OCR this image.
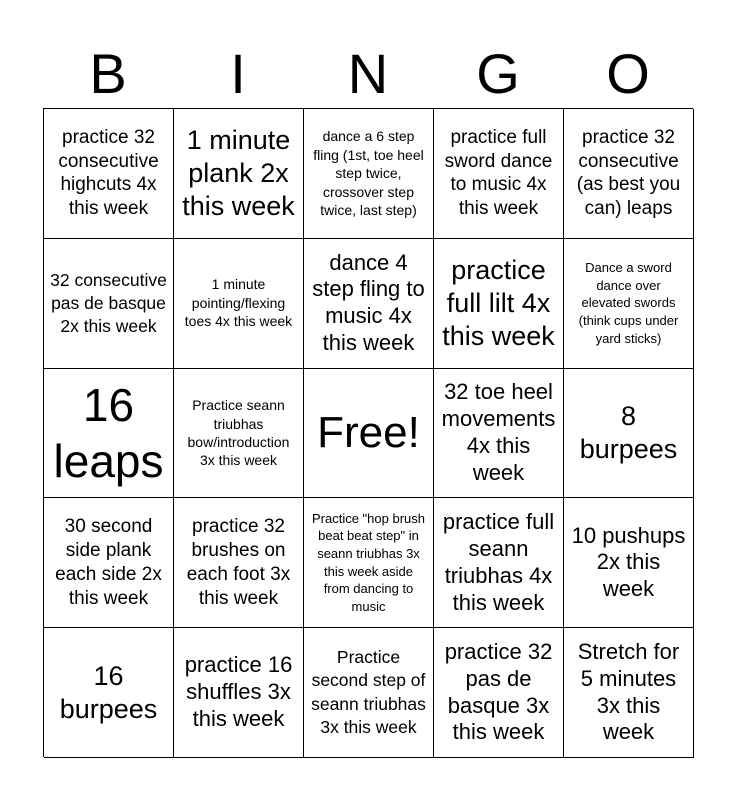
B	I	N	G	O
practice 32 consecutive highcuts 4x this week
1 minute plank 2x this week
dance a 6 step fling (1st, toe heel step twice, crossover step twice, last step)
practice full sword dance to music 4x this week
practice 32 consecutive (as best you can) leaps
32 consecutive pas de basque 2x this week
1 minute pointing/flexing toes 4x this week
dance 4 step fling to music 4x this week
practice full lilt 4x this week
Dance a sword dance over elevated swords (think cups under yard sticks)
16 leaps
Practice seann triubhas bow/introduction 3x this week
Free!
32 toe heel movements 4x this week
8 burpees
30 second side plank each side 2x this week
practice 32 brushes on each foot 3x this week
Practice "hop brush beat beat step" in seann triubhas 3x this week aside from dancing to music
practice full seann triubhas 4x this week
10 pushups 2x this week
16 burpees
practice 16 shuffles 3x this week
Practice second step of seann triubhas 3x this week
practice 32 pas de basque 3x this week
Stretch for 5 minutes 3x this week
